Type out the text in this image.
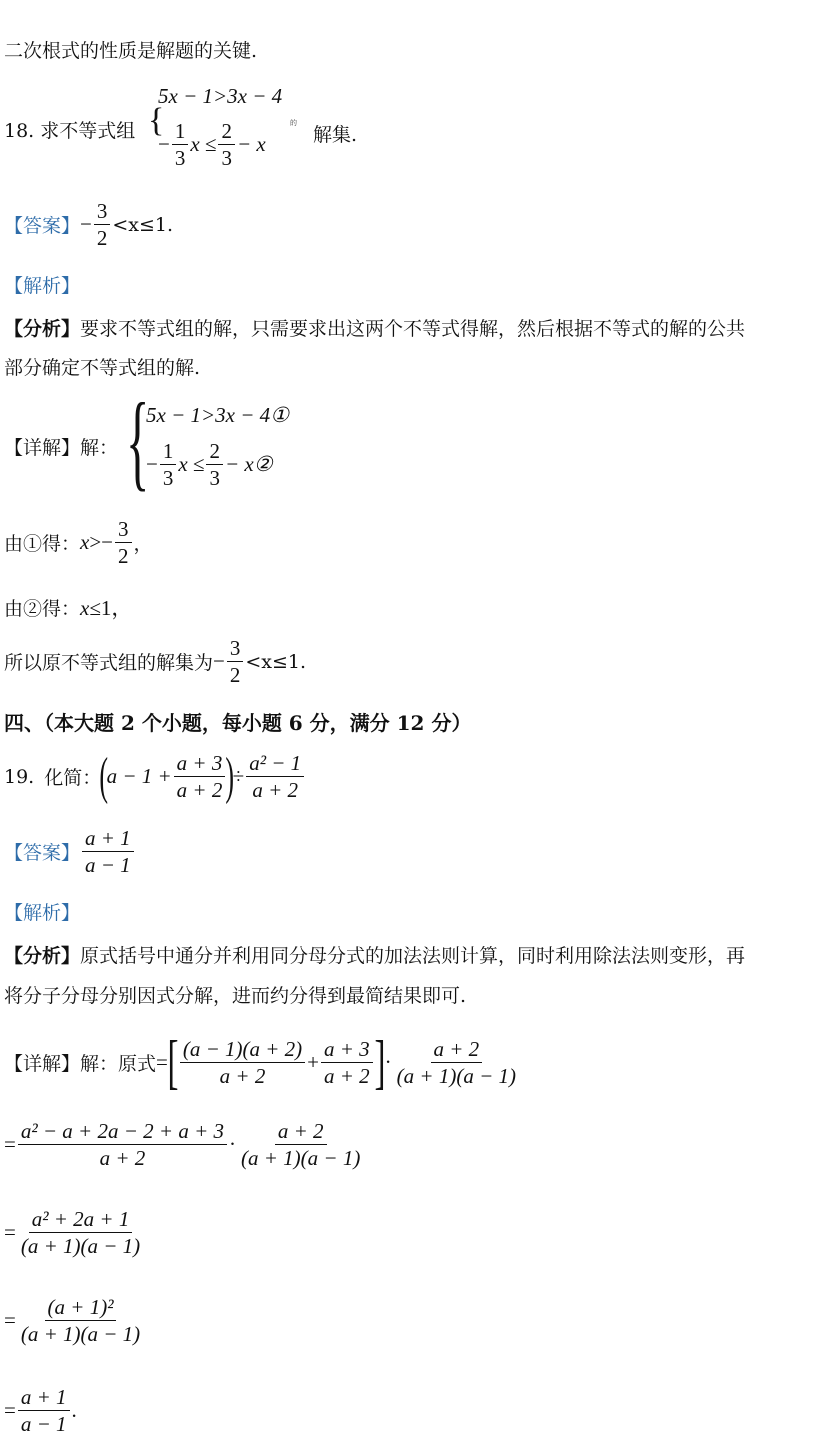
二次根式的性质是解题的关键.
5x − 1>3x − 4
18. 求不等式组 {
− $\frac{1}{3}$ $x \le \frac{2}{3} - x$
的
解集.
【答案】 − $\frac{3}{2} <x\le 1$.
【解析】
【分析】要求不等式组的解，只需要求出这两个不等式得解，然后根据不等式的解的公共
部分确定不等式组的解.
【详解】解： {
5x − 1>3x − 4①
− $\frac{1}{3}$ $x \le \frac{2}{3}$ − x②
由①得： $x >- \frac{3}{2}$ ，
由②得：x≤1，
所以原不等式组的解集为 − $\frac{3}{2} <x\le 1$.
四、（本大题 2 个小题，每小题 6 分，满分 12 分）
19. 化简：
(
$a - 1 + \frac{a + 3}{a + 2}$ )
÷ $\frac{\text{a² − 1}}{a + 2}$
【答案】 $\frac{a + 1}{a - 1}$
【解析】
【分析】原式括号中通分并利用同分母分式的加法法则计算，同时利用除法法则变形，再
将分子分母分别因式分解，进而约分得到最简结果即可.
【详解】解：原式 = [ $\frac{(a - 1)(a + 2)}{a + 2} + \frac{a + 3}{a + 2}$ ] · $\frac{a + 2}{(a + 1)(a - 1)}$
= $\frac{\text{a² − a + 2a − 2 + a + 3}}{a + 2} \cdot \frac{a + 2}{(a + 1)(a - 1)}$
= $\frac{\text{a² + 2a + 1}}{(a + 1)(a - 1)}$
= $\frac{\text{(a + 1)²}}{(a + 1)(a - 1)}$
= $\frac{a + 1}{a - 1}$ .
